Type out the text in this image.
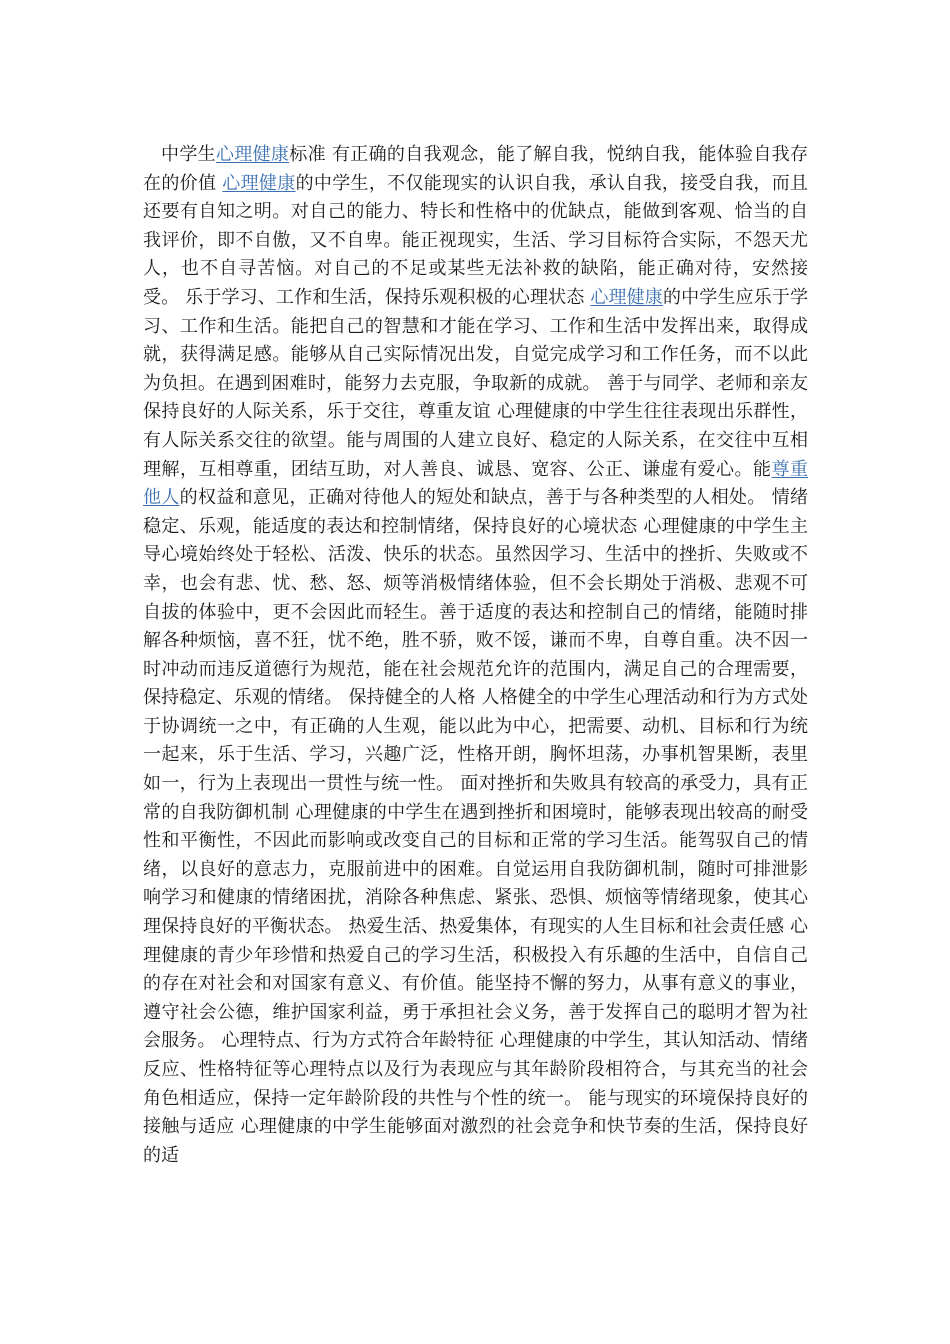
中学生心理健康标准 有正确的自我观念，能了解自我，悦纳自我，能体验自我存在的价值 心理健康的中学生，不仅能现实的认识自我，承认自我，接受自我，而且还要有自知之明。对自己的能力、特长和性格中的优缺点，能做到客观、恰当的自我评价，即不自傲，又不自卑。能正视现实，生活、学习目标符合实际，不怨天尤人，也不自寻苦恼。对自己的不足或某些无法补救的缺陷，能正确对待，安然接受。 乐于学习、工作和生活，保持乐观积极的心理状态 心理健康的中学生应乐于学习、工作和生活。能把自己的智慧和才能在学习、工作和生活中发挥出来，取得成就，获得满足感。能够从自己实际情况出发，自觉完成学习和工作任务，而不以此为负担。在遇到困难时，能努力去克服，争取新的成就。 善于与同学、老师和亲友保持良好的人际关系，乐于交往，尊重友谊 心理健康的中学生往往表现出乐群性，有人际关系交往的欲望。能与周围的人建立良好、稳定的人际关系，在交往中互相理解，互相尊重，团结互助，对人善良、诚恳、宽容、公正、谦虚有爱心。能尊重他人的权益和意见，正确对待他人的短处和缺点，善于与各种类型的人相处。 情绪稳定、乐观，能适度的表达和控制情绪，保持良好的心境状态 心理健康的中学生主导心境始终处于轻松、活泼、快乐的状态。虽然因学习、生活中的挫折、失败或不幸，也会有悲、忧、愁、怒、烦等消极情绪体验，但不会长期处于消极、悲观不可自拔的体验中，更不会因此而轻生。善于适度的表达和控制自己的情绪，能随时排解各种烦恼，喜不狂，忧不绝，胜不骄，败不馁，谦而不卑，自尊自重。决不因一时冲动而违反道德行为规范，能在社会规范允许的范围内，满足自己的合理需要，保持稳定、乐观的情绪。 保持健全的人格 人格健全的中学生心理活动和行为方式处于协调统一之中，有正确的人生观，能以此为中心，把需要、动机、目标和行为统一起来，乐于生活、学习，兴趣广泛，性格开朗，胸怀坦荡，办事机智果断，表里如一，行为上表现出一贯性与统一性。 面对挫折和失败具有较高的承受力，具有正常的自我防御机制 心理健康的中学生在遇到挫折和困境时，能够表现出较高的耐受性和平衡性，不因此而影响或改变自己的目标和正常的学习生活。能驾驭自己的情绪，以良好的意志力，克服前进中的困难。自觉运用自我防御机制，随时可排泄影响学习和健康的情绪困扰，消除各种焦虑、紧张、恐惧、烦恼等情绪现象，使其心理保持良好的平衡状态。 热爱生活、热爱集体，有现实的人生目标和社会责任感 心理健康的青少年珍惜和热爱自己的学习生活，积极投入有乐趣的生活中，自信自己的存在对社会和对国家有意义、有价值。能坚持不懈的努力，从事有意义的事业，遵守社会公德，维护国家利益，勇于承担社会义务，善于发挥自己的聪明才智为社会服务。 心理特点、行为方式符合年龄特征 心理健康的中学生，其认知活动、情绪反应、性格特征等心理特点以及行为表现应与其年龄阶段相符合，与其充当的社会角色相适应，保持一定年龄阶段的共性与个性的统一。 能与现实的环境保持良好的接触与适应 心理健康的中学生能够面对激烈的社会竞争和快节奏的生活，保持良好的适
